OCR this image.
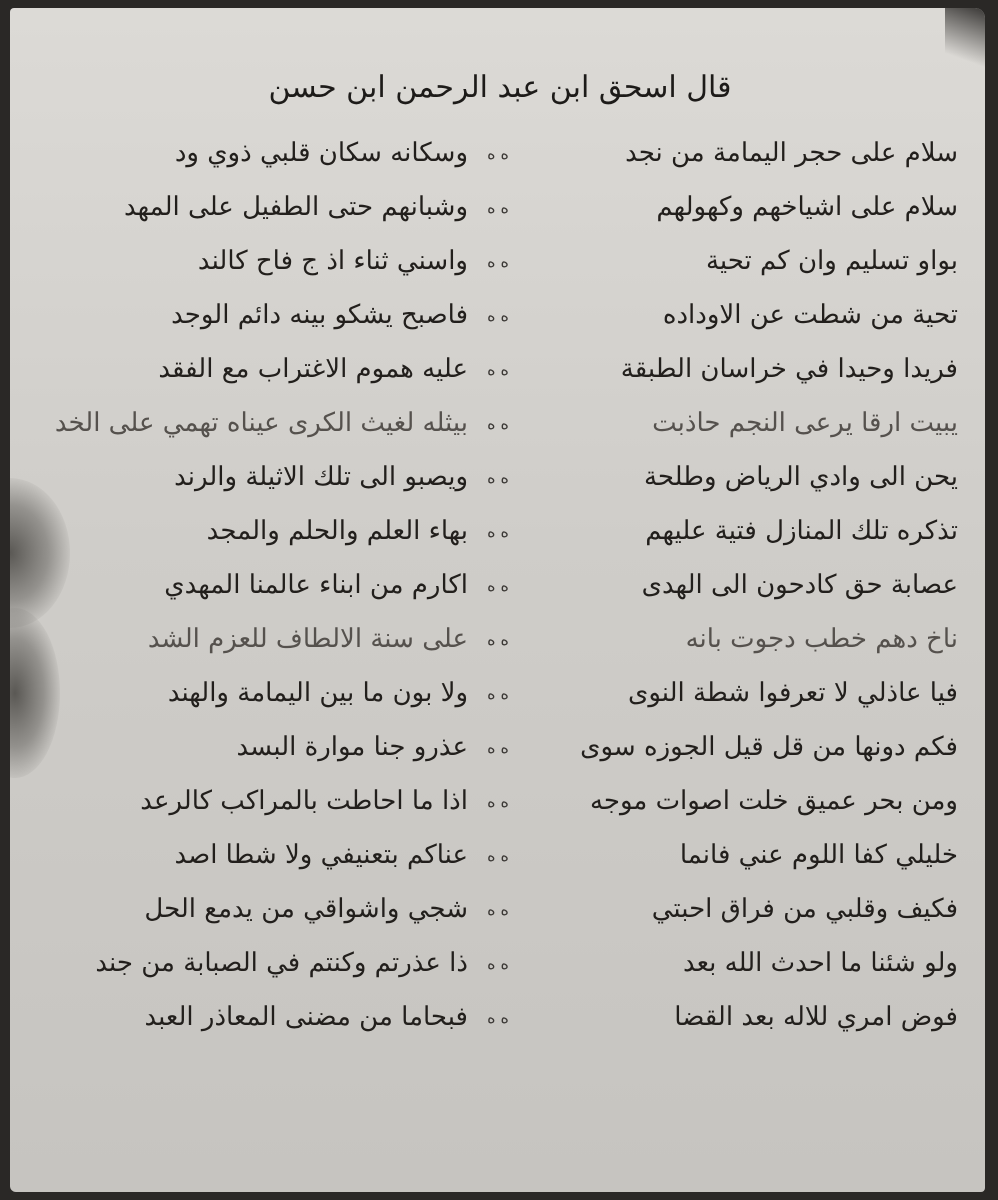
قال اسحق ابن عبد الرحمن ابن حسن
سلام على حجر اليمامة من نجد
ه ه
وسكانه سكان قلبي ذوي ود
سلام على اشياخهم وكهولهم
ه ه
وشبانهم حتى الطفيل على المهد
بواو تسليم وان كم تحية
ه ه
واسني ثناء اذ ج فاح كالند
تحية من شطت عن الاوداده
ه ه
فاصبح يشكو بينه دائم الوجد
فريدا وحيدا في خراسان الطبقة
ه ه
عليه هموم الاغتراب مع الفقد
يبيت ارقا يرعى النجم حاذبت
ه ه
بيثله لغيث الكرى عيناه تهمي على الخد
يحن الى وادي الرياض وطلحة
ه ه
ويصبو الى تلك الاثيلة والرند
تذكره تلك المنازل فتية عليهم
ه ه
بهاء العلم والحلم والمجد
عصابة حق كادحون الى الهدى
ه ه
اكارم من ابناء عالمنا المهدي
ناخ دهم خطب دجوت بانه
ه ه
على سنة الالطاف للعزم الشد
فيا عاذلي لا تعرفوا شطة النوى
ه ه
ولا بون ما بين اليمامة والهند
فكم دونها من قل قيل الجوزه سوى
ه ه
عذرو جنا موارة البسد
ومن بحر عميق خلت اصوات موجه
ه ه
اذا ما احاطت بالمراكب كالرعد
خليلي كفا اللوم عني فانما
ه ه
عناكم بتعنيفي ولا شطا اصد
فكيف وقلبي من فراق احبتي
ه ه
شجي واشواقي من يدمع الحل
ولو شئنا ما احدث الله بعد
ه ه
ذا عذرتم وكنتم في الصبابة من جند
فوض امري للاله بعد القضا
ه ه
فبحاما من مضنى المعاذر العبد
